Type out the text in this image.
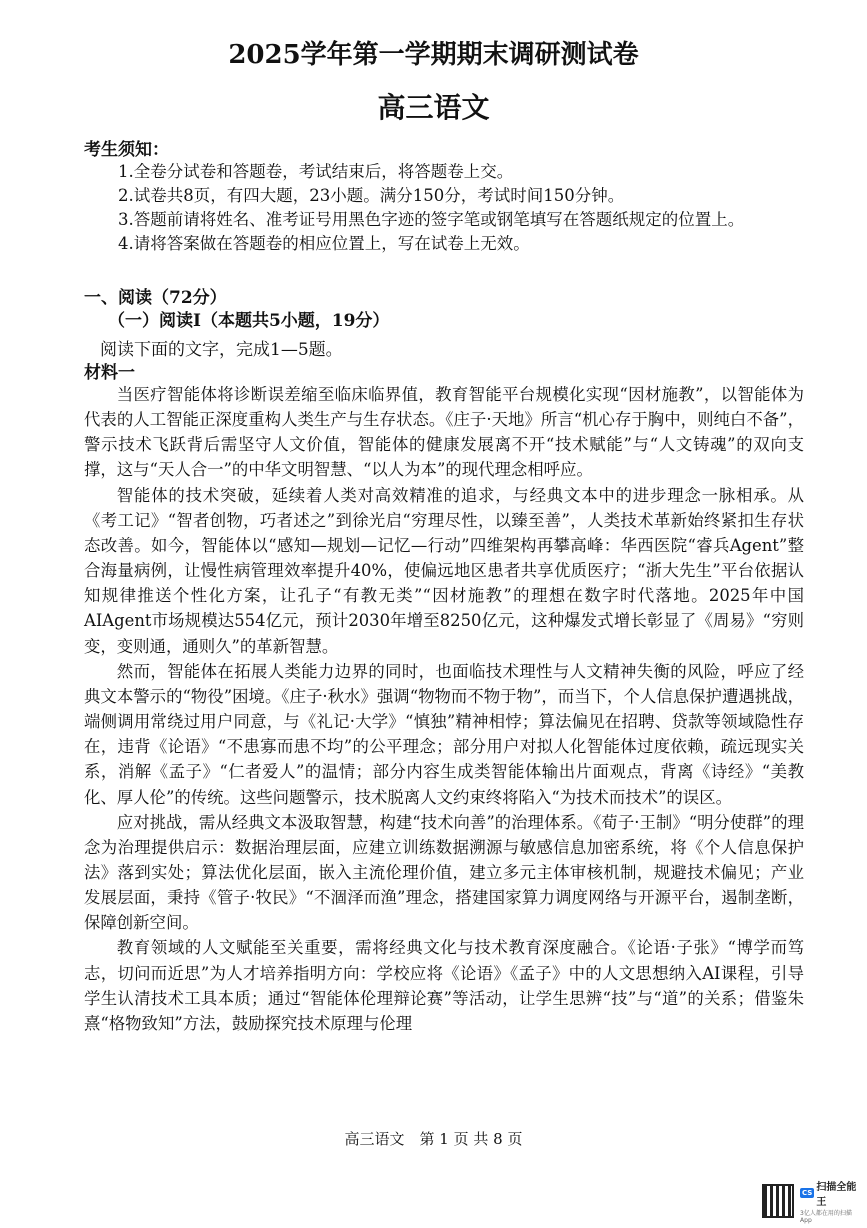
2025学年第一学期期末调研测试卷
高三语文
考生须知：
1.全卷分试卷和答题卷，考试结束后，将答题卷上交。
2.试卷共8页，有四大题，23小题。满分150分，考试时间150分钟。
3.答题前请将姓名、准考证号用黑色字迹的签字笔或钢笔填写在答题纸规定的位置上。
4.请将答案做在答题卷的相应位置上，写在试卷上无效。
一、阅读（72分）
（一）阅读I（本题共5小题，19分）
阅读下面的文字，完成1—5题。
材料一

当医疗智能体将诊断误差缩至临床临界值，教育智能平台规模化实现“因材施教”，以智能体为代表的人工智能正深度重构人类生产与生存状态。《庄子·天地》所言“机心存于胸中，则纯白不备”，警示技术飞跃背后需坚守人文价值，智能体的健康发展离不开“技术赋能”与“人文铸魂”的双向支撑，这与“天人合一”的中华文明智慧、“以人为本”的现代理念相呼应。

智能体的技术突破，延续着人类对高效精准的追求，与经典文本中的进步理念一脉相承。从《考工记》“智者创物，巧者述之”到徐光启“穷理尽性，以臻至善”，人类技术革新始终紧扣生存状态改善。如今，智能体以“感知—规划—记忆—行动”四维架构再攀高峰：华西医院“睿兵Agent”整合海量病例，让慢性病管理效率提升40%，使偏远地区患者共享优质医疗；“浙大先生”平台依据认知规律推送个性化方案，让孔子“有教无类”“因材施教”的理想在数字时代落地。2025年中国AIAgent市场规模达554亿元，预计2030年增至8250亿元，这种爆发式增长彰显了《周易》“穷则变，变则通，通则久”的革新智慧。

然而，智能体在拓展人类能力边界的同时，也面临技术理性与人文精神失衡的风险，呼应了经典文本警示的“物役”困境。《庄子·秋水》强调“物物而不物于物”，而当下，个人信息保护遭遇挑战，端侧调用常绕过用户同意，与《礼记·大学》“慎独”精神相悖；算法偏见在招聘、贷款等领域隐性存在，违背《论语》“不患寡而患不均”的公平理念；部分用户对拟人化智能体过度依赖，疏远现实关系，消解《孟子》“仁者爱人”的温情；部分内容生成类智能体输出片面观点，背离《诗经》“美教化、厚人伦”的传统。这些问题警示，技术脱离人文约束终将陷入“为技术而技术”的误区。

应对挑战，需从经典文本汲取智慧，构建“技术向善”的治理体系。《荀子·王制》“明分使群”的理念为治理提供启示：数据治理层面，应建立训练数据溯源与敏感信息加密系统，将《个人信息保护法》落到实处；算法优化层面，嵌入主流伦理价值，建立多元主体审核机制，规避技术偏见；产业发展层面，秉持《管子·牧民》“不涸泽而渔”理念，搭建国家算力调度网络与开源平台，遏制垄断，保障创新空间。

教育领域的人文赋能至关重要，需将经典文化与技术教育深度融合。《论语·子张》“博学而笃志，切问而近思”为人才培养指明方向：学校应将《论语》《孟子》中的人文思想纳入AI课程，引导学生认清技术工具本质；通过“智能体伦理辩论赛”等活动，让学生思辨“技”与“道”的关系；借鉴朱熹“格物致知”方法，鼓励探究技术原理与伦理

高三语文　第 1 页 共 8 页
CS 扫描全能王
3亿人都在用的扫描App
